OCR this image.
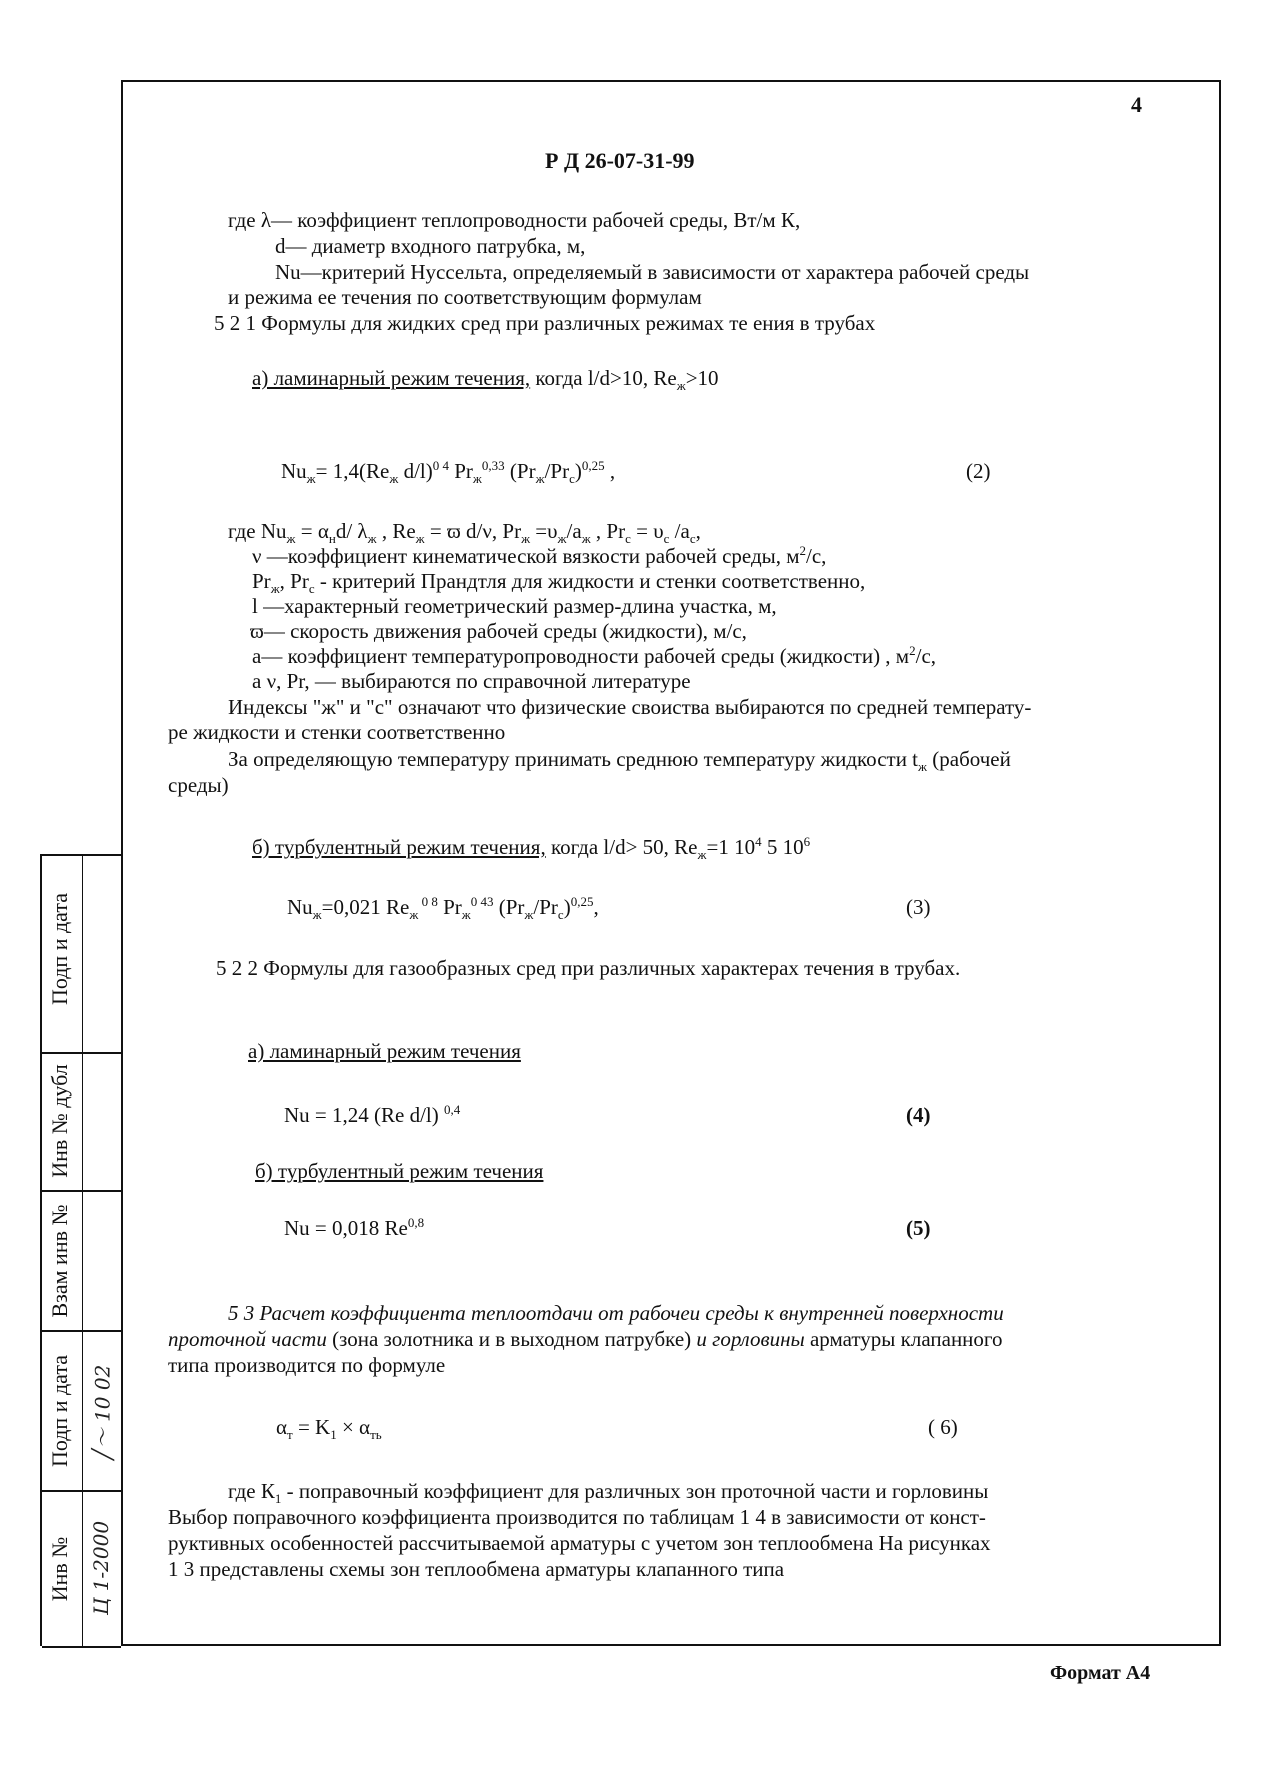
4
Р Д 26-07-31-99
где λ— коэффициент теплопроводности рабочей среды, Вт/м К,
d— диаметр входного патрубка, м,
Nu—критерий Нуссельта, определяемый в зависимости от характера рабочей среды
и режима ее течения по соответствующим формулам
5 2 1 Формулы для жидких сред при различных режимах те ения в трубах
а) ламинарный режим течения, когда l/d>10, $Re_ж>10$
$Nu_ж= 1,4(Re_ж$ d/l)$^{0 4}$ $Pr_ж^{0,33}$ $(Pr_ж/Pr_c)^{0,25}$ ,	(2)
где $Nu_ж = \alpha_нd/$ $\lambda_ж$ , $Re_ж = ϖ$ d/ν, $Pr_ж =\upsilon_ж/a_ж$ , $Pr_c = \upsilon_c$ $/a_c$,
ν —коэффициент кинематической вязкости рабочей среды, $м^2/с$,
$Pr_ж$, $Pr_c$ - критерий Прандтля для жидкости и стенки соответственно,
l —характерный геометрический размер-длина участка, м,
ϖ— скорость движения рабочей среды (жидкости), м/с,
а— коэффициент температуропроводности рабочей среды (жидкости) , $м^2/с$,
а ν, Pr, — выбираются по справочной литературе
Индексы "ж" и "с" означают что физические своиства выбираются по средней температу-
ре жидкости и стенки соответственно
За определяющую температуру принимать среднюю температуру жидкости $t_ж$ (рабочей
среды)
б) турбулентный режим течения, когда l/d> 50, $Re_ж=1$ $10^4$ 5 $10^6$
$Nu_ж=0,021$ $Re_ж$ $^{0 8}$ $Pr_ж^{0 43}$ $(Pr_ж/Pr_c)^{0,25}$,	(3)
5 2 2 Формулы для газообразных сред при различных характерах течения в трубах.
а) ламинарный режим течения
Nu = 1,24 (Re d/l) $^{0,4}$	(4)
б) турбулентный режим течения
Nu = 0,018 Re$^{0,8}$	(5)
5 3 Расчет коэффициента теплоотдачи от рабочеи среды к внутренней поверхности
проточной части (зона золотника и в выходном патрубке) и горловины арматуры клапанного
типа производится по формуле
$\alpha_т = K_1 \times \alpha_{ть}$	( 6)
где $К_1$ - поправочный коэффициент для различных зон проточной части и горловины
Выбор поправочного коэффициента производится по таблицам 1 4 в зависимости от конст-
руктивных особенностей рассчитываемой арматуры с учетом зон теплообмена На рисунках
1 3 представлены схемы зон теплообмена арматуры клапанного типа
Подп и дата
Инв № дубл
Взам инв №
Подп и дата
Инв №
╱〜 10 02
Ц 1-2000
Формат А4
